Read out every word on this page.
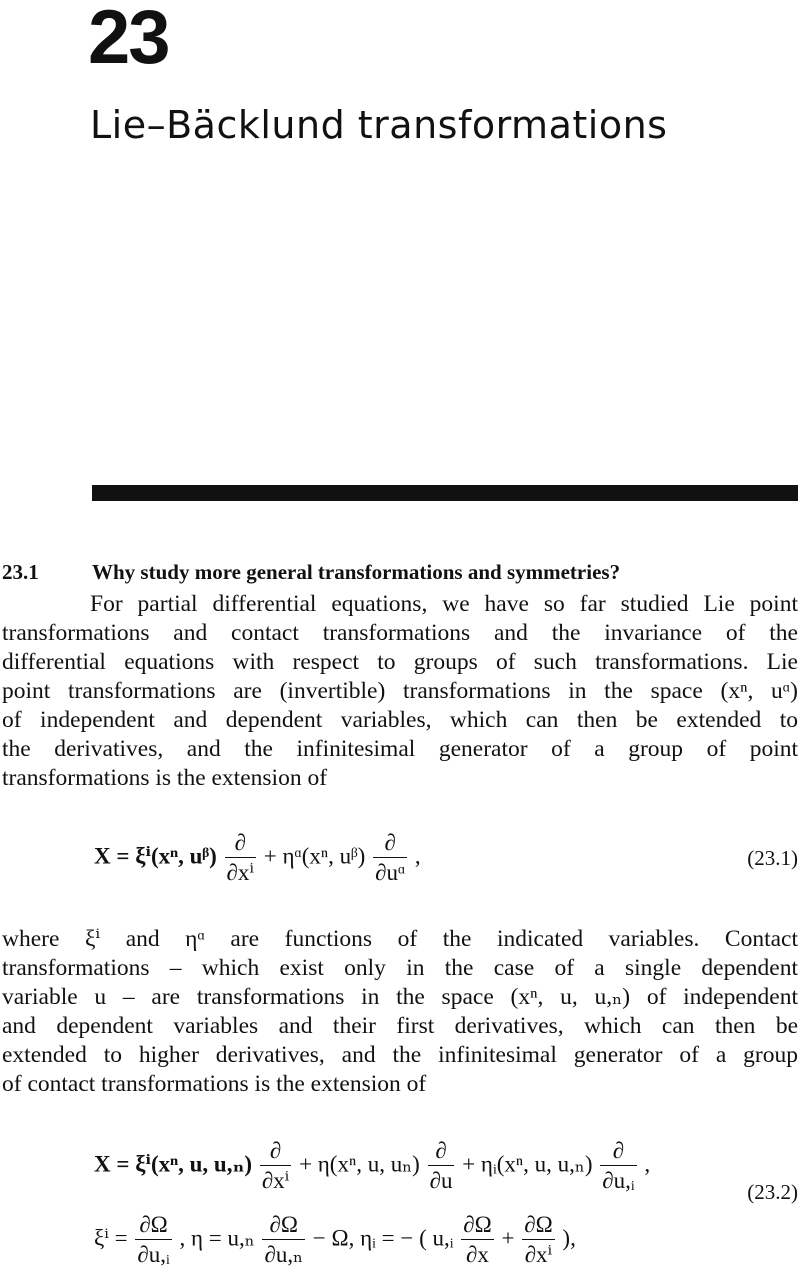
23
Lie–Bäcklund transformations
23.1	Why study more general transformations and symmetries?
For partial differential equations, we have so far studied Lie point
transformations and contact transformations and the invariance of the
differential equations with respect to groups of such transformations. Lie
point transformations are (invertible) transformations in the space (xⁿ, uᵅ)
of independent and dependent variables, which can then be extended to
the derivatives, and the infinitesimal generator of a group of point
transformations is the extension of
X = ξⁱ(xⁿ, uᵝ) $\frac{\partial}{\text{∂xⁱ}}$ + ηᵅ(xⁿ, uᵝ) $\frac{\partial}{\text{∂uᵅ}}$ ,	(23.1)
where ξⁱ and ηᵅ are functions of the indicated variables. Contact
transformations – which exist only in the case of a single dependent
variable u – are transformations in the space (xⁿ, u, u,ₙ) of independent
and dependent variables and their first derivatives, which can then be
extended to higher derivatives, and the infinitesimal generator of a group
of contact transformations is the extension of
X = ξⁱ(xⁿ, u, $u,_n) \frac{\partial}{\text{∂xⁱ}} + \eta(x^n$, u, $u_n) \frac{\partial}{\partial u}$ + ηᵢ(xⁿ, u, $u,_n) \frac{\partial}{\text{∂u,ᵢ}}$ ,
$\xi^i = \frac{\partial\Omega}{\text{∂u,ᵢ}}$ , $\eta = u,_n \frac{\partial\Omega}{\text{∂u,ₙ}} - \Omega$, ηᵢ = − ( u,ᵢ $\frac{\partial\Omega}{\partial x} + \frac{\partial\Omega}{\text{∂xⁱ}}$ ),
(23.2)
